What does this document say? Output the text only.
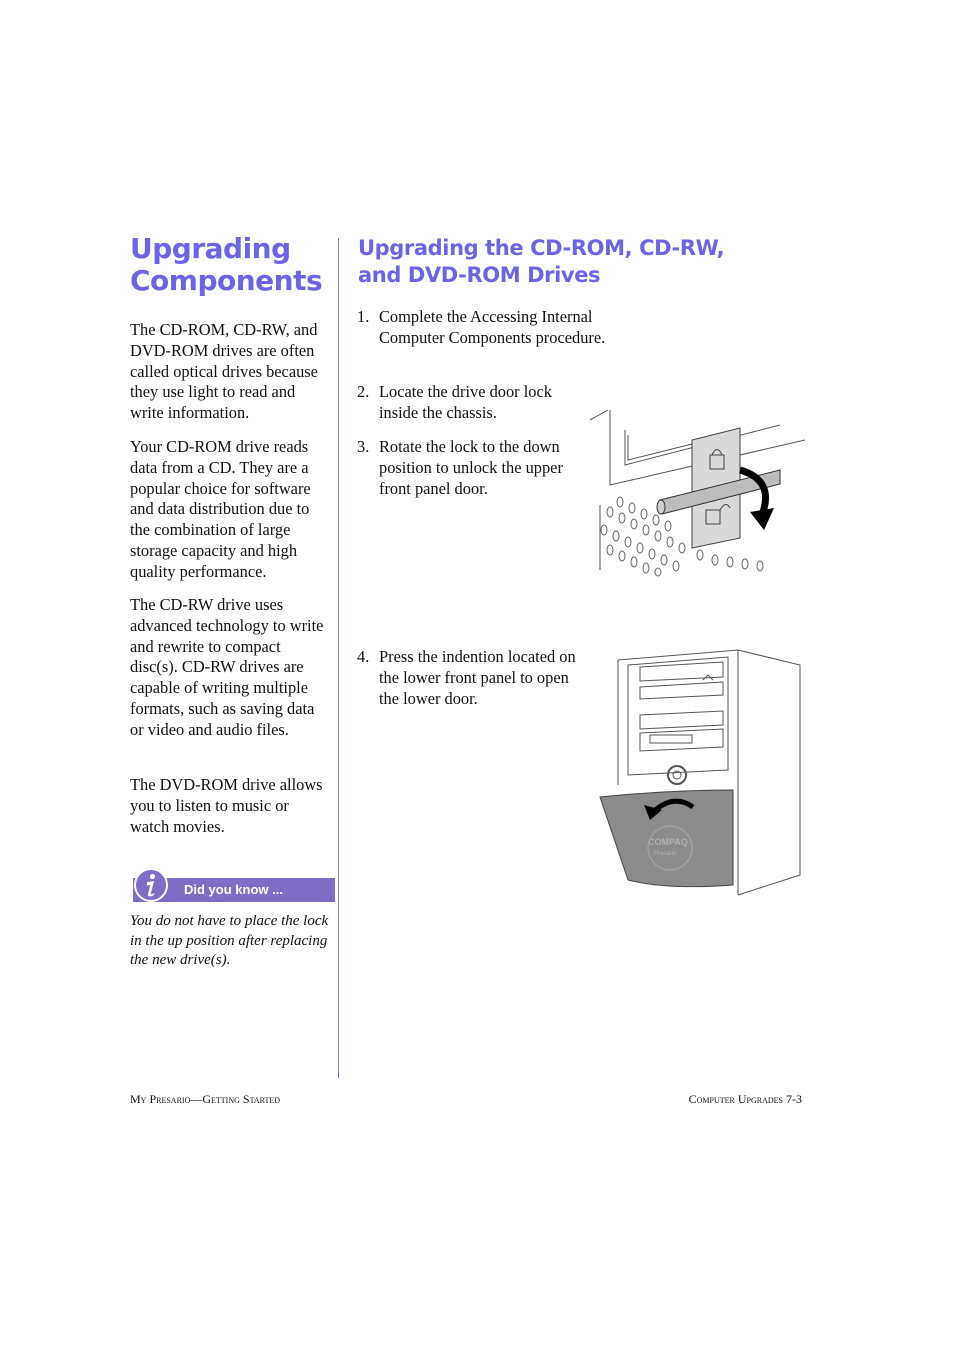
Upgrading
Components

The CD-ROM, CD-RW, and DVD-ROM drives are often called optical drives because they use light to read and write information.

Your CD-ROM drive reads data from a CD. They are a popular choice for software and data distribution due to the combination of large storage capacity and high quality performance.

The CD-RW drive uses advanced technology to write and rewrite to compact disc(s). CD-RW drives are capable of writing multiple formats, such as saving data or video and audio files.

The DVD-ROM drive allows you to listen to music or watch movies.

Did you know ...

You do not have to place the lock in the up position after replacing the new drive(s).

Upgrading the CD-ROM, CD-RW,
and DVD-ROM Drives
1. Complete the Accessing Internal Computer Components procedure.
2. Locate the drive door lock inside the chassis.
3. Rotate the lock to the down position to unlock the upper front panel door.
4. Press the indention located on the lower front panel to open the lower door.
COMPAQ
Presario
My Presario—Getting Started	Computer Upgrades 7-3
